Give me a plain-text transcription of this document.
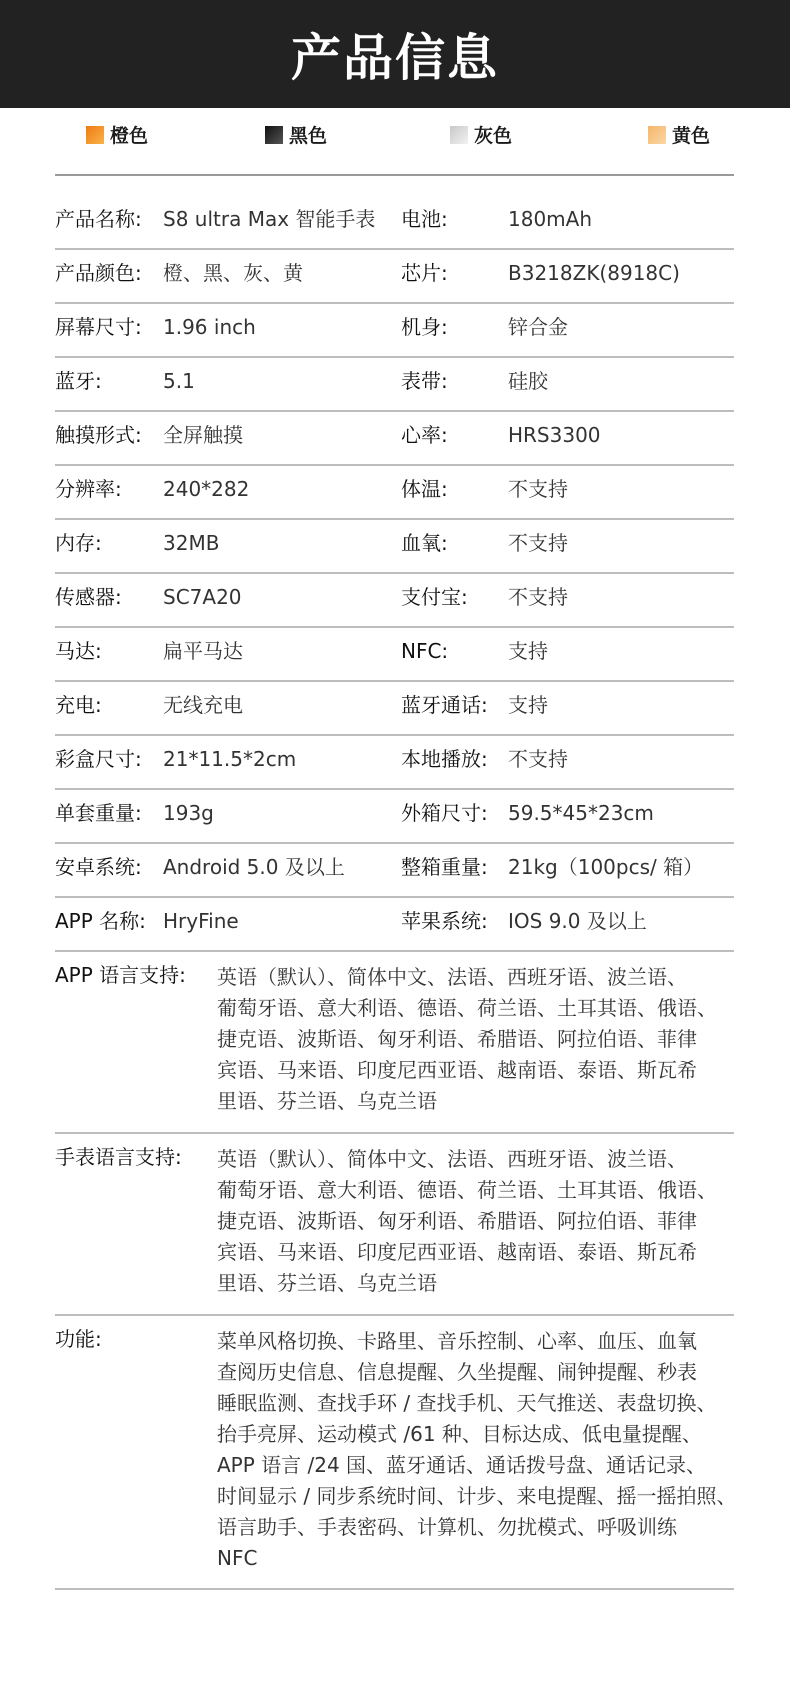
产品信息
橙色	黑色	灰色	黄色
产品名称: S8 ultra Max 智能手表 电池:	180mAh
产品颜色: 橙、黑、灰、黄	芯片:	B3218ZK(8918C)
屏幕尺寸: 1.96 inch	机身:	锌合金
蓝牙:	5.1	表带:	硅胶
触摸形式: 全屏触摸	心率:	HRS3300
分辨率: 240*282	体温:	不支持
内存:	32MB	血氧:	不支持
传感器: SC7A20	支付宝: 不支持
马达:	扁平马达	NFC:	支持
充电:	无线充电	蓝牙通话: 支持
彩盒尺寸: 21*11.5*2cm	本地播放: 不支持
单套重量: 193g	外箱尺寸: 59.5*45*23cm
安卓系统: Android 5.0 及以上	整箱重量: 21kg（100pcs/ 箱）
APP 名称: HryFine	苹果系统: IOS 9.0 及以上
APP 语言支持: 英语（默认）、简体中文、法语、西班牙语、波兰语、
葡萄牙语、意大利语、德语、荷兰语、土耳其语、俄语、
捷克语、波斯语、匈牙利语、希腊语、阿拉伯语、菲律
宾语、马来语、印度尼西亚语、越南语、泰语、斯瓦希
里语、芬兰语、乌克兰语
手表语言支持: 英语（默认）、简体中文、法语、西班牙语、波兰语、
葡萄牙语、意大利语、德语、荷兰语、土耳其语、俄语、
捷克语、波斯语、匈牙利语、希腊语、阿拉伯语、菲律
宾语、马来语、印度尼西亚语、越南语、泰语、斯瓦希
里语、芬兰语、乌克兰语
功能:	菜单风格切换、卡路里、音乐控制、心率、血压、血氧
查阅历史信息、信息提醒、久坐提醒、闹钟提醒、秒表
睡眠监测、查找手环 / 查找手机、天气推送、表盘切换、
抬手亮屏、运动模式 /61 种、目标达成、低电量提醒、
APP 语言 /24 国、蓝牙通话、通话拨号盘、通话记录、
时间显示 / 同步系统时间、计步、来电提醒、摇一摇拍照、
语言助手、手表密码、计算机、勿扰模式、呼吸训练
NFC
